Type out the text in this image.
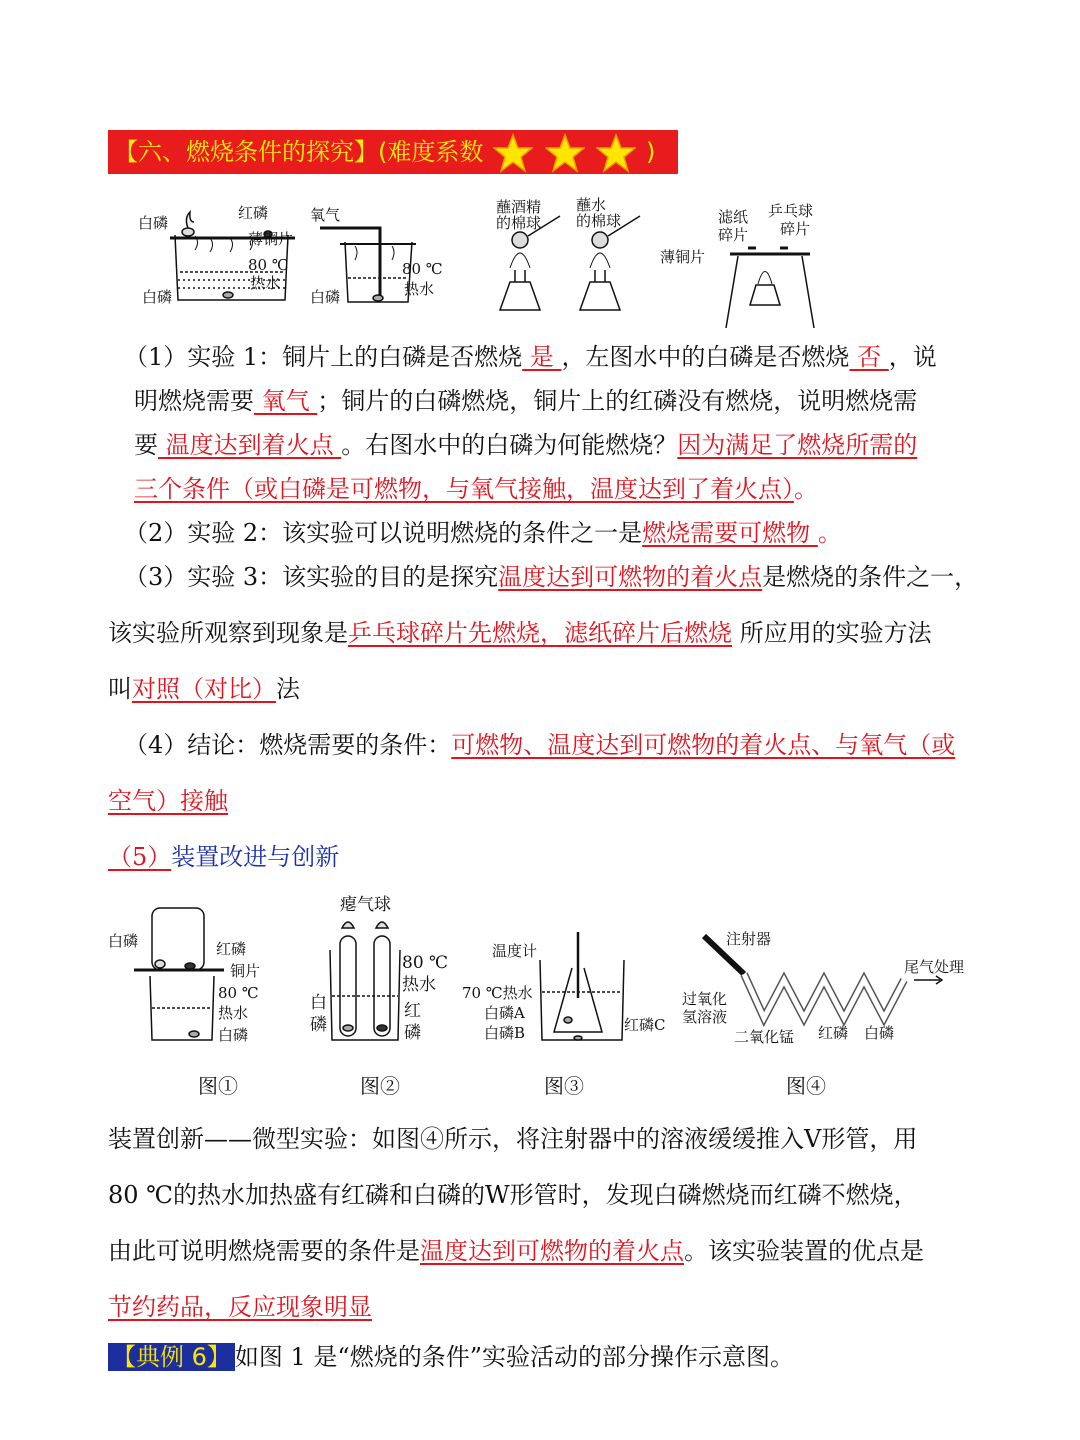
【六、燃烧条件的探究】(难度系数	)
白磷
红磷
薄铜片
80 ℃
热水
白磷
氧气
80 ℃
热水
白磷
蘸酒精
的棉球
蘸水
的棉球	滤纸
碎片
乒乓球
碎片
薄铜片
（1）实验 1：铜片上的白磷是否燃烧 是 ，左图水中的白磷是否燃烧 否 ，说
明燃烧需要 氧气 ；铜片的白磷燃烧，铜片上的红磷没有燃烧，说明燃烧需
要 温度达到着火点 。右图水中的白磷为何能燃烧？因为满足了燃烧所需的
三个条件（或白磷是可燃物，与氧气接触，温度达到了着火点）。
（2）实验 2：该实验可以说明燃烧的条件之一是燃烧需要可燃物 。
（3）实验 3：该实验的目的是探究温度达到可燃物的着火点是燃烧的条件之一，
该实验所观察到现象是乒乓球碎片先燃烧，滤纸碎片后燃烧 所应用的实验方法
叫对照（对比）法
（4）结论：燃烧需要的条件：可燃物、温度达到可燃物的着火点、与氧气（或
空气）接触
（5）装置改进与创新
白磷	红磷
铜片
80 ℃
热水
白磷
瘪气球
80 ℃
热水
白
磷
红
磷
温度计
70 ℃热水
白磷A
白磷B	红磷C
注射器
过氧化
氢溶液
二氧化锰 红磷 白磷
尾气处理
图①	图②	图③	图④
装置创新——微型实验：如图④所示，将注射器中的溶液缓缓推入V形管，用
80 ℃的热水加热盛有红磷和白磷的W形管时，发现白磷燃烧而红磷不燃烧，
由此可说明燃烧需要的条件是温度达到可燃物的着火点。该实验装置的优点是
节约药品，反应现象明显
【典例 6】 如图 1 是“燃烧的条件”实验活动的部分操作示意图。
